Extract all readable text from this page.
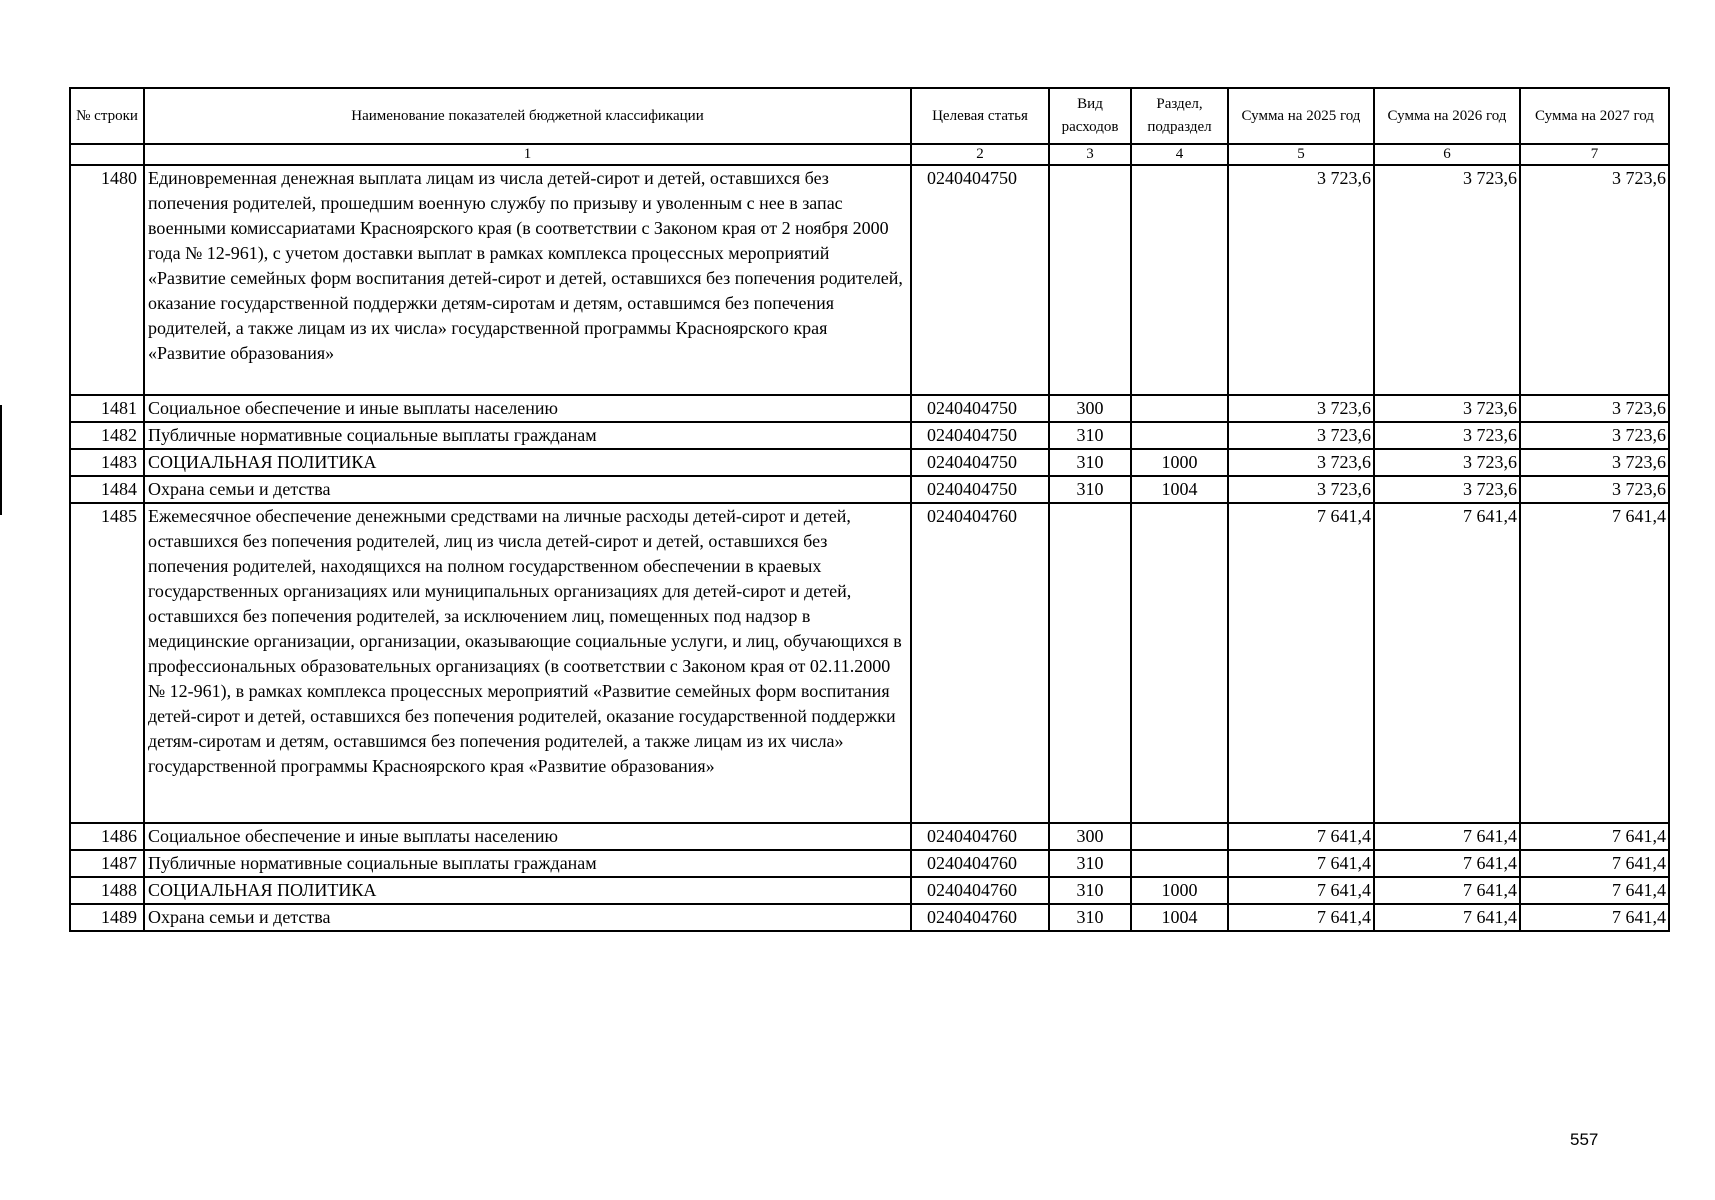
№ строки	Наименование показателей бюджетной классификации	Целевая статья	Вид расходов	Раздел, подраздел	Сумма на 2025 год	Сумма на 2026 год	Сумма на 2027 год
	1	2	3	4	5	6	7
1480	Единовременная денежная выплата лицам из числа детей-сирот и детей, оставшихся без попечения родителей, прошедшим военную службу по призыву и уволенным с нее в запас военными комиссариатами Красноярского края (в соответствии с Законом края от 2 ноября 2000 года № 12-961), с учетом доставки выплат в рамках комплекса процессных мероприятий «Развитие семейных форм воспитания детей-сирот и детей, оставшихся без попечения родителей, оказание государственной поддержки детям-сиротам и детям, оставшимся без попечения родителей, а также лицам из их числа» государственной программы Красноярского края «Развитие образования»	0240404750			3 723,6	3 723,6	3 723,6
1481	Социальное обеспечение и иные выплаты населению	0240404750	300		3 723,6	3 723,6	3 723,6
1482	Публичные нормативные социальные выплаты гражданам	0240404750	310		3 723,6	3 723,6	3 723,6
1483	СОЦИАЛЬНАЯ ПОЛИТИКА	0240404750	310	1000	3 723,6	3 723,6	3 723,6
1484	Охрана семьи и детства	0240404750	310	1004	3 723,6	3 723,6	3 723,6
1485	Ежемесячное обеспечение денежными средствами на личные расходы детей-сирот и детей, оставшихся без попечения родителей, лиц из числа детей-сирот и детей, оставшихся без попечения родителей, находящихся на полном государственном обеспечении в краевых государственных организациях или муниципальных организациях для детей-сирот и детей, оставшихся без попечения родителей, за исключением лиц, помещенных под надзор в медицинские организации, организации, оказывающие социальные услуги, и лиц, обучающихся в профессиональных образовательных организациях (в соответствии с Законом края от 02.11.2000 № 12-961), в рамках комплекса процессных мероприятий «Развитие семейных форм воспитания детей-сирот и детей, оставшихся без попечения родителей, оказание государственной поддержки детям-сиротам и детям, оставшимся без попечения родителей, а также лицам из их числа» государственной программы Красноярского края «Развитие образования»	0240404760			7 641,4	7 641,4	7 641,4
1486	Социальное обеспечение и иные выплаты населению	0240404760	300		7 641,4	7 641,4	7 641,4
1487	Публичные нормативные социальные выплаты гражданам	0240404760	310		7 641,4	7 641,4	7 641,4
1488	СОЦИАЛЬНАЯ ПОЛИТИКА	0240404760	310	1000	7 641,4	7 641,4	7 641,4
1489	Охрана семьи и детства	0240404760	310	1004	7 641,4	7 641,4	7 641,4
557
